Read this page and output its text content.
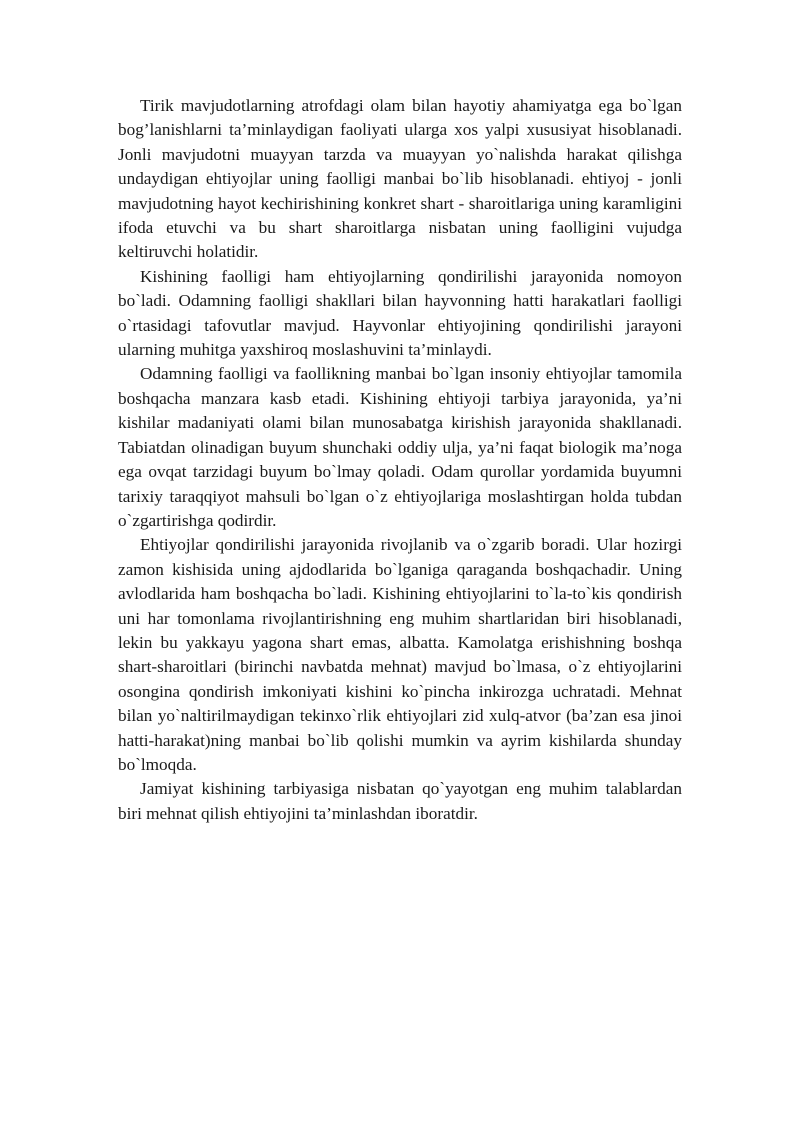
Tirik mavjudotlarning atrofdagi olam bilan hayotiy ahamiyatga ega bo`lgan bog’lanishlarni ta’minlaydigan faoliyati ularga xos yalpi xususiyat hisoblanadi. Jonli mavjudotni muayyan tarzda va muayyan yo`nalishda harakat qilishga undaydigan ehtiyojlar uning faolligi manbai bo`lib hisoblanadi. ehtiyoj - jonli mavjudotning hayot kechirishining konkret shart - sharoitlariga uning karamligini ifoda etuvchi va bu shart sharoitlarga nisbatan uning faolligini vujudga keltiruvchi holatidir.

Kishining faolligi ham ehtiyojlarning qondirilishi jarayonida nomoyon bo`ladi. Odamning faolligi shakllari bilan hayvonning hatti harakatlari faolligi o`rtasidagi tafovutlar mavjud. Hayvonlar ehtiyojining qondirilishi jarayoni ularning muhitga yaxshiroq moslashuvini ta’minlaydi.

Odamning faolligi va faollikning manbai bo`lgan insoniy ehtiyojlar tamomila boshqacha manzara kasb etadi. Kishining ehtiyoji tarbiya jarayonida, ya’ni kishilar madaniyati olami bilan munosabatga kirishish jarayonida shakllanadi. Tabiatdan olinadigan buyum shunchaki oddiy ulja, ya’ni faqat biologik ma’noga ega ovqat tarzidagi buyum bo`lmay qoladi. Odam qurollar yordamida buyumni tarixiy taraqqiyot mahsuli bo`lgan o`z ehtiyojlariga moslashtirgan holda tubdan o`zgartirishga qodirdir.

Ehtiyojlar qondirilishi jarayonida rivojlanib va o`zgarib boradi. Ular hozirgi zamon kishisida uning ajdodlarida bo`lganiga qaraganda boshqachadir. Uning avlodlarida ham boshqacha bo`ladi. Kishining ehtiyojlarini to`la-to`kis qondirish uni har tomonlama rivojlantirishning eng muhim shartlaridan biri hisoblanadi, lekin bu yakkayu yagona shart emas, albatta. Kamolatga erishishning boshqa shart-sharoitlari (birinchi navbatda mehnat) mavjud bo`lmasa, o`z ehtiyojlarini osongina qondirish imkoniyati kishini ko`pincha inkirozga uchratadi. Mehnat bilan yo`naltirilmaydigan tekinxo`rlik ehtiyojlari zid xulq-atvor (ba’zan esa jinoi hatti-harakat)ning manbai bo`lib qolishi mumkin va ayrim kishilarda shunday bo`lmoqda.

Jamiyat kishining tarbiyasiga nisbatan qo`yayotgan eng muhim talablardan biri mehnat qilish ehtiyojini ta’minlashdan iboratdir.
